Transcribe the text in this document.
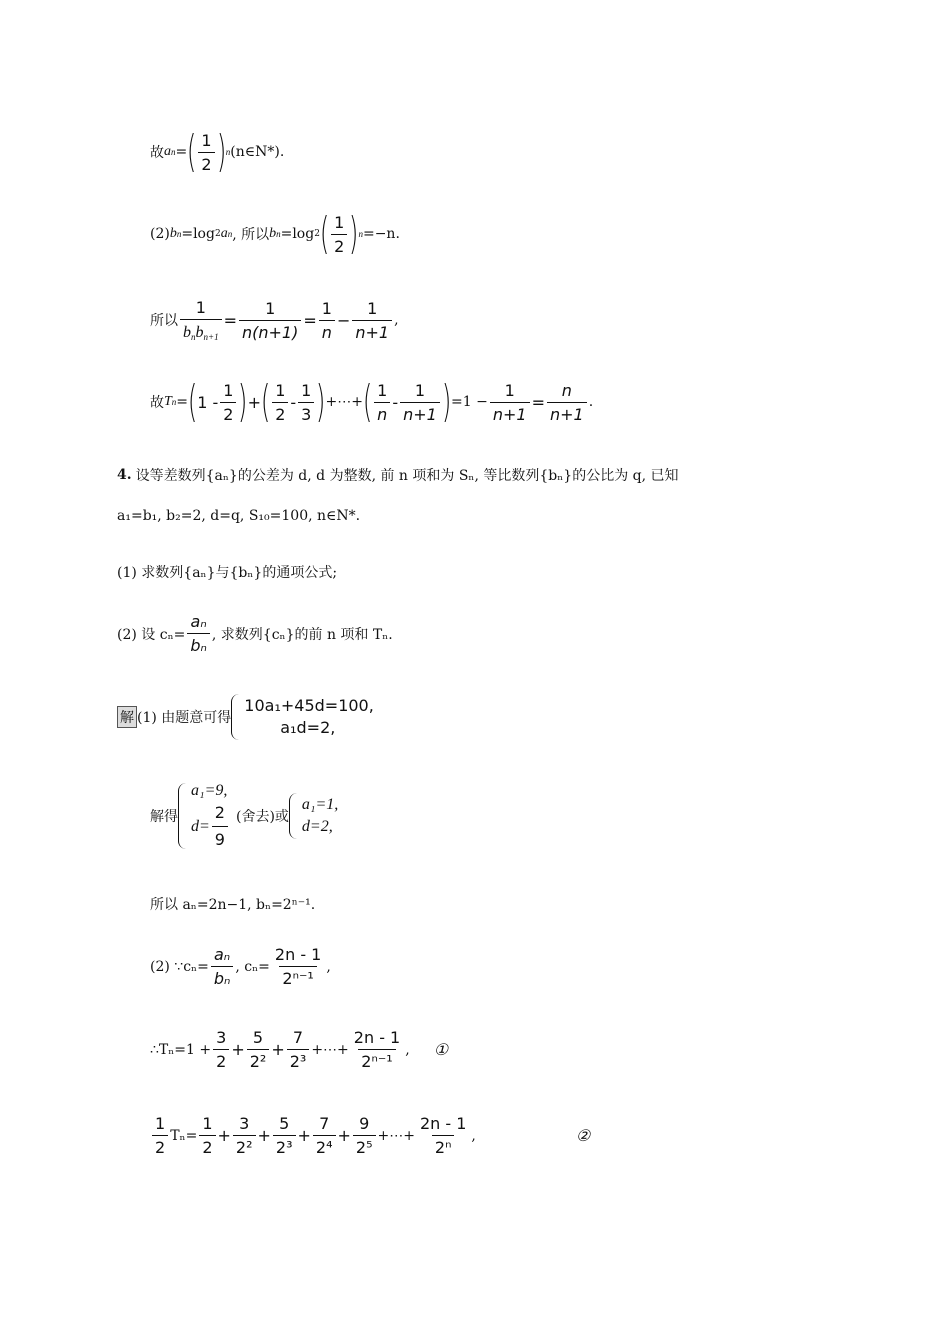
故 a n = ( $\frac{1}{2}$ ) n (n∈N*).
(2) b n =log 2 a n , 所以 b n =log 2 ( $\frac{1}{2}$ ) n =−n.
所以 $\frac{1}{b_nb_{n+1}} = \frac{1}{n(n+1)} = \frac{1}{n} - \frac{1}{n+1}$ ,
故 T n = ( $1 - \frac{1}{2}$ ) + ( $\frac{1}{2} - \frac{1}{3}$ ) +⋯+ ( $\frac{1}{n} - \frac{1}{n+1}$ ) $=1 - \frac{1}{n+1} = \frac{n}{n+1}$ .
4. 设等差数列{aₙ}的公差为 d, d 为整数, 前 n 项和为 Sₙ, 等比数列{bₙ}的公比为 q, 已知
a₁=b₁, b₂=2, d=q, S₁₀=100, n∈N*.
(1) 求数列{aₙ}与{bₙ}的通项公式;
(2) 设 $c_n= \frac{\text{aₙ}}{\text{bₙ}}$ , 求数列{cₙ}的前 n 项和 Tₙ.
解 (1) 由题意可得
10a₁+45d=100,
a₁d=2,
解得
a₁=9,
$d= \frac{2}{9}$ (舍去)或
a₁=1,
d=2,
所以 aₙ=2n−1, bₙ=2ⁿ⁻¹.
(2) ∵cₙ= $\frac{\text{aₙ}}{\text{bₙ}}$ , $c_n= \frac{2n - 1}{\text{2ⁿ⁻¹}}$ ,
∴Tₙ=1 + $\frac{3}{2} + \frac{5}{\text{2²}} + \frac{7}{\text{2³}}$ +⋯+ $\frac{2n - 1}{\text{2ⁿ⁻¹}}$ , ①
$\frac{1}{2} T_n= \frac{1}{2} + \frac{3}{\text{2²}} + \frac{5}{\text{2³}} + \frac{7}{\text{2⁴}} + \frac{9}{\text{2⁵}}$ +⋯+ $\frac{2n - 1}{\text{2ⁿ}}$ ,	②
